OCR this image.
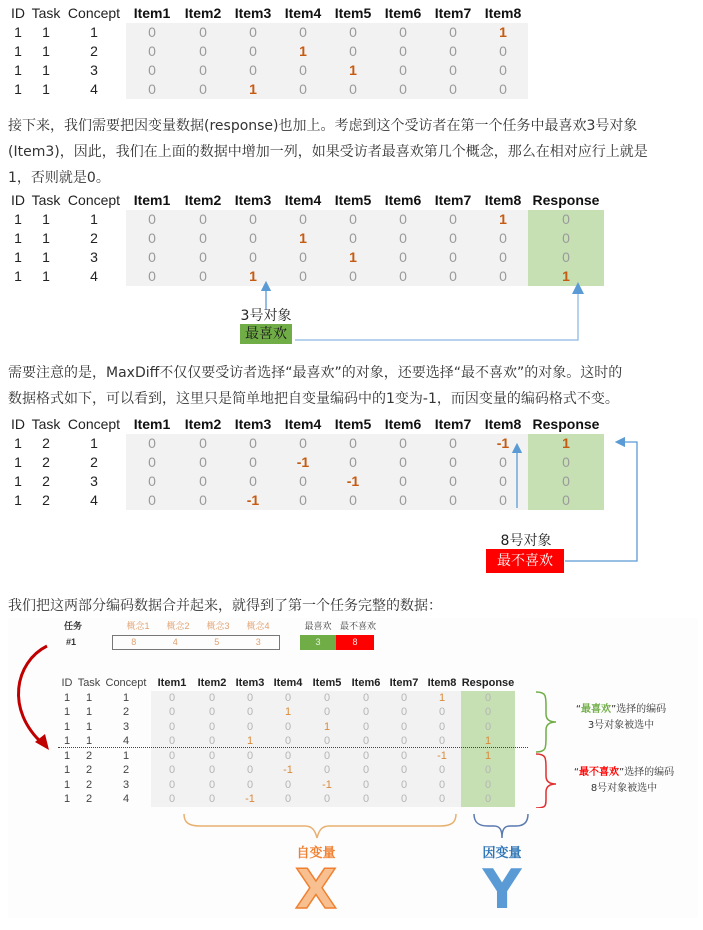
ID	Task	Concept	Item1	Item2	Item3	Item4	Item5	Item6	Item7	Item8
1	1	1	0	0	0	0	0	0	0	1
1	1	2	0	0	0	1	0	0	0	0
1	1	3	0	0	0	0	1	0	0	0
1	1	4	0	0	1	0	0	0	0	0
接下来，我们需要把因变量数据(response)也加上。考虑到这个受访者在第一个任务中最喜欢3号对象
(Item3)，因此，我们在上面的数据中增加一列，如果受访者最喜欢第几个概念，那么在相对应行上就是
1，否则就是0。
ID	Task	Concept	Item1	Item2	Item3	Item4	Item5	Item6	Item7	Item8	Response
1	1	1	0	0	0	0	0	0	0	1	0
1	1	2	0	0	0	1	0	0	0	0	0
1	1	3	0	0	0	0	1	0	0	0	0
1	1	4	0	0	1	0	0	0	0	0	1
3号对象
最喜欢
需要注意的是，MaxDiff不仅仅要受访者选择“最喜欢”的对象，还要选择“最不喜欢”的对象。这时的
数据格式如下，可以看到，这里只是简单地把自变量编码中的1变为-1，而因变量的编码格式不变。
ID	Task	Concept	Item1	Item2	Item3	Item4	Item5	Item6	Item7	Item8	Response
1	2	1	0	0	0	0	0	0	0	-1	1
1	2	2	0	0	0	-1	0	0	0	0	0
1	2	3	0	0	0	0	-1	0	0	0	0
1	2	4	0	0	-1	0	0	0	0	0	0
8号对象
最不喜欢
我们把这两部分编码数据合并起来，就得到了第一个任务完整的数据：
任务
#1
概念1	概念2	概念3	概念4
8	4	5	3
最喜欢 最不喜欢
3	8
ID	Task	Concept	Item1	Item2	Item3	Item4	Item5	Item6	Item7	Item8	Response
1	1	1	0	0	0	0	0	0	0	1	0
1	1	2	0	0	0	1	0	0	0	0	0
1	1	3	0	0	0	0	1	0	0	0	0
1	1	4	0	0	1	0	0	0	0	0	1
1	2	1	0	0	0	0	0	0	0	-1	1
1	2	2	0	0	0	-1	0	0	0	0	0
1	2	3	0	0	0	0	-1	0	0	0	0
1	2	4	0	0	-1	0	0	0	0	0	0
“最喜欢”选择的编码
3号对象被选中
“最不喜欢”选择的编码
8号对象被选中
自变量	因变量
X	Y
